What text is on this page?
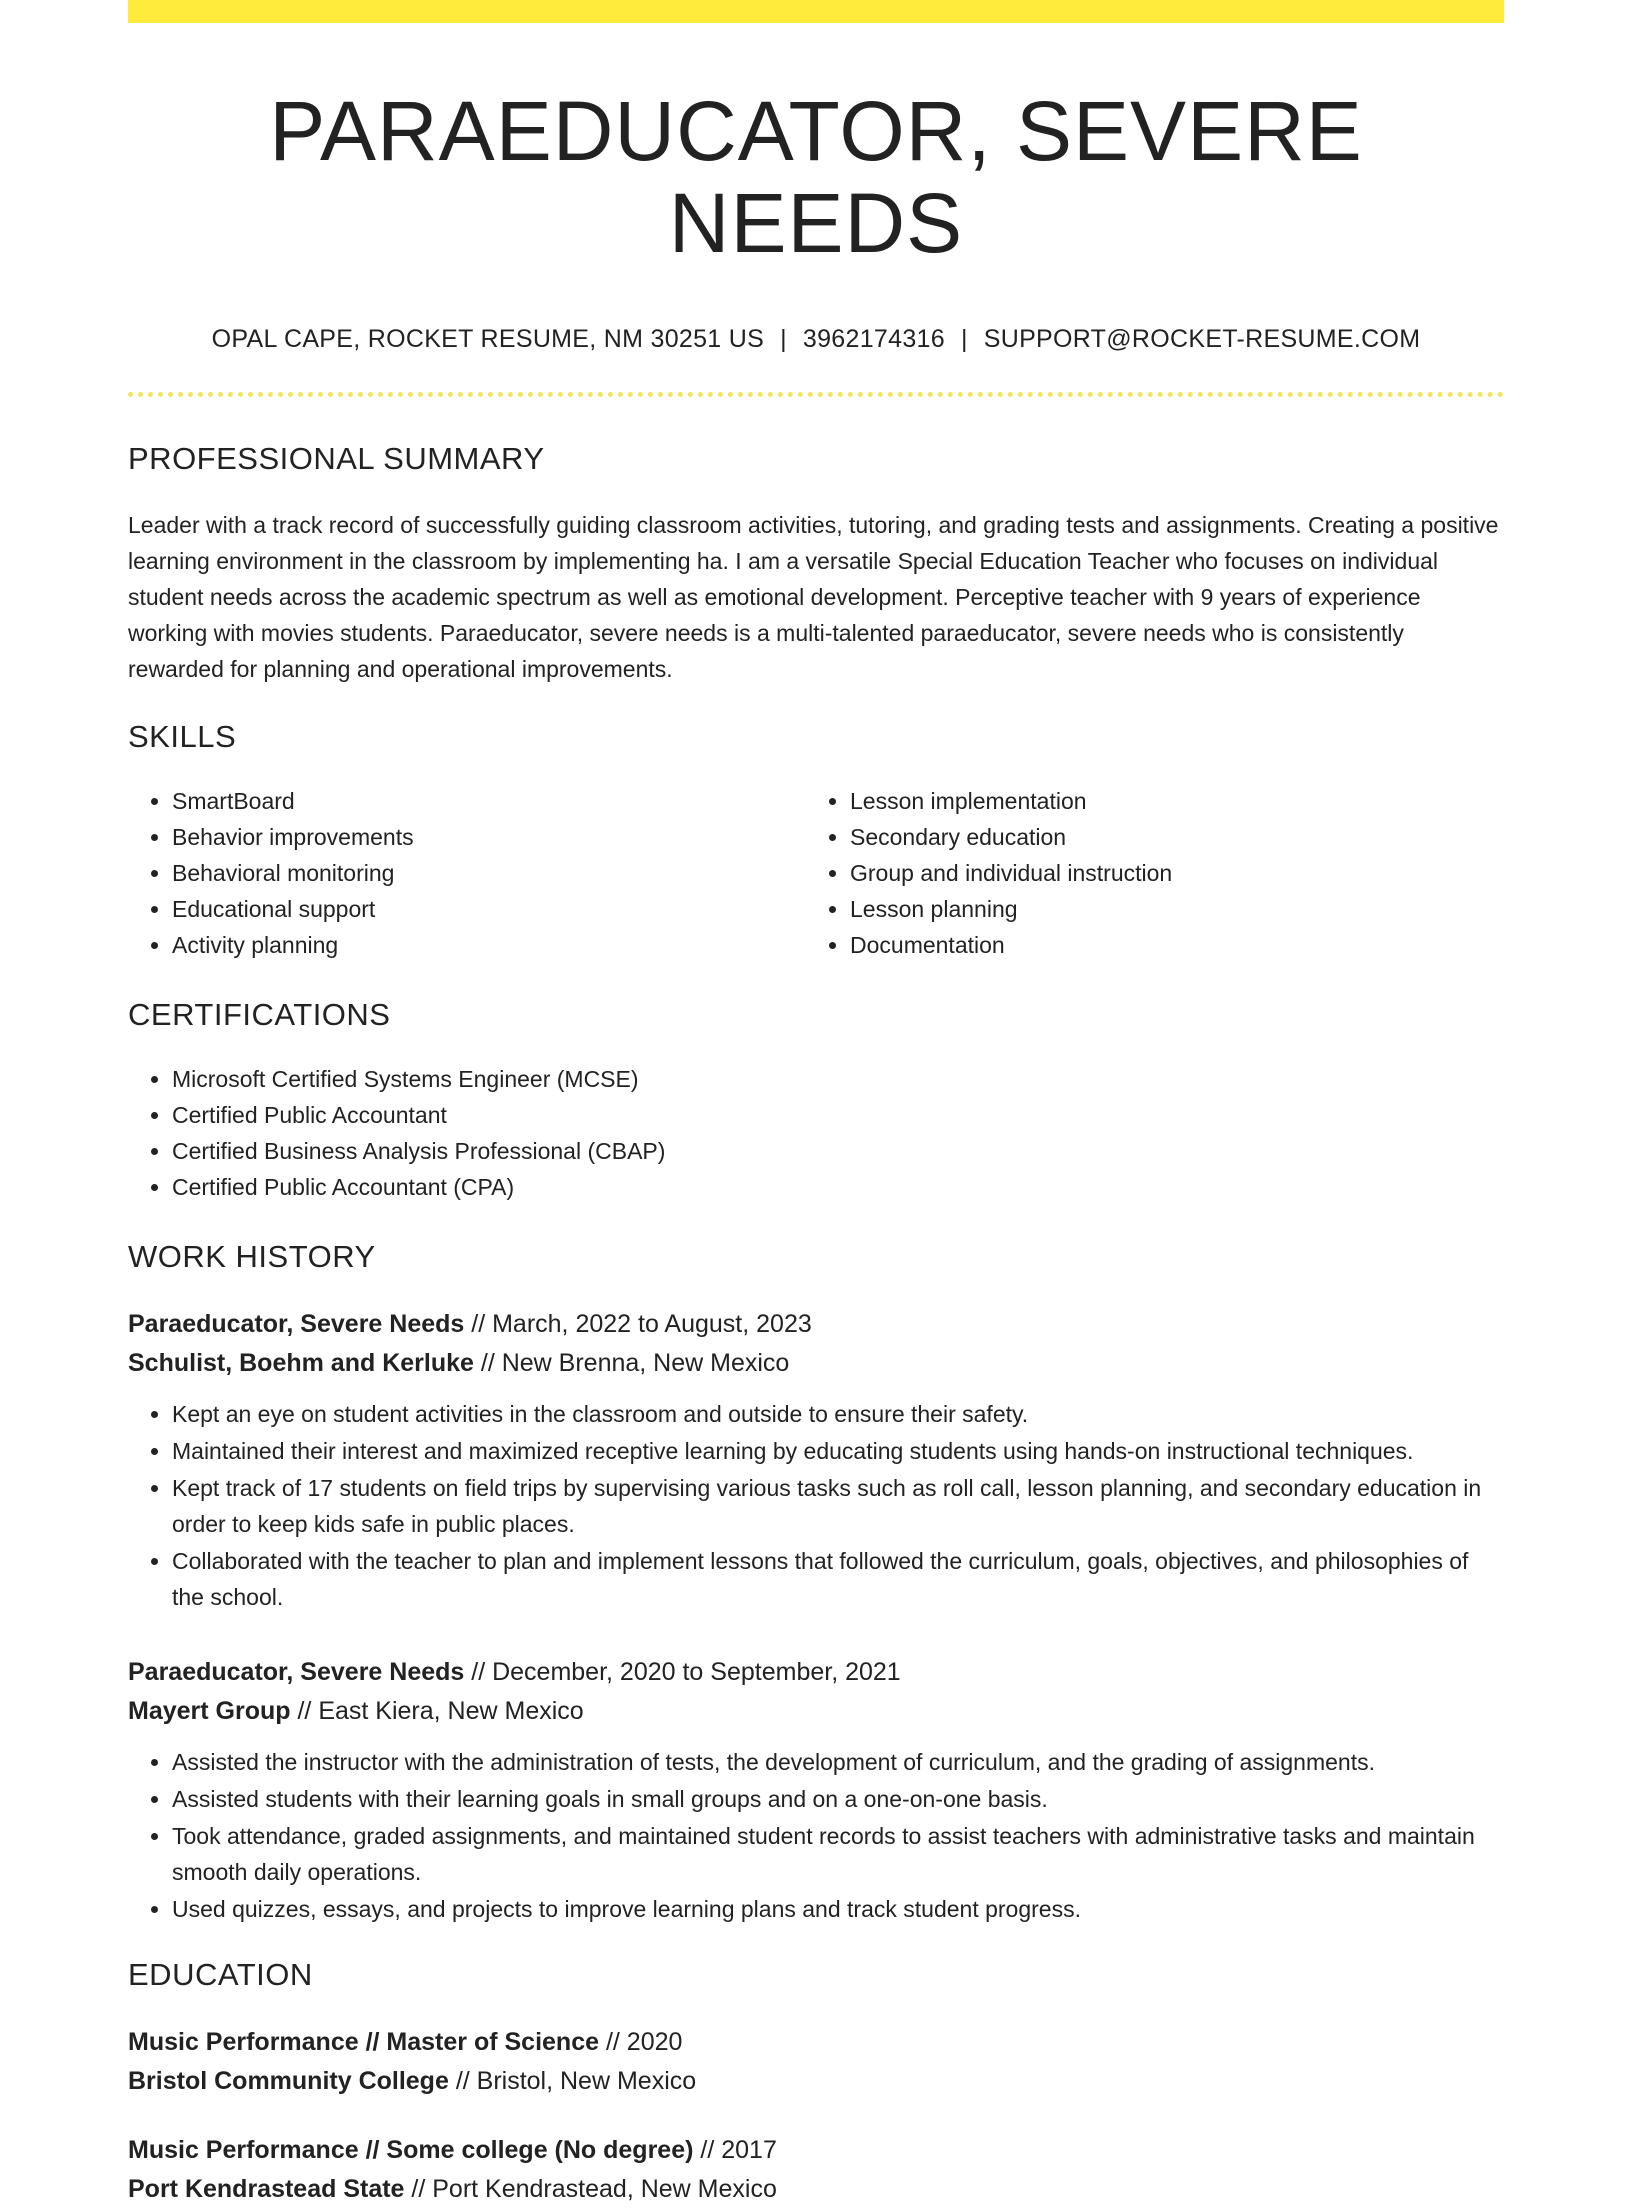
PARAEDUCATOR, SEVERE NEEDS
OPAL CAPE, ROCKET RESUME, NM 30251 US | 3962174316 | SUPPORT@ROCKET-RESUME.COM
PROFESSIONAL SUMMARY

Leader with a track record of successfully guiding classroom activities, tutoring, and grading tests and assignments. Creating a positive learning environment in the classroom by implementing ha. I am a versatile Special Education Teacher who focuses on individual student needs across the academic spectrum as well as emotional development. Perceptive teacher with 9 years of experience working with movies students. Paraeducator, severe needs is a multi-talented paraeducator, severe needs who is consistently rewarded for planning and operational improvements.

SKILLS
• SmartBoard
• Behavior improvements
• Behavioral monitoring
• Educational support
• Activity planning
• Lesson implementation
• Secondary education
• Group and individual instruction
• Lesson planning
• Documentation
CERTIFICATIONS
• Microsoft Certified Systems Engineer (MCSE)
• Certified Public Accountant
• Certified Business Analysis Professional (CBAP)
• Certified Public Accountant (CPA)
WORK HISTORY
Paraeducator, Severe Needs // March, 2022 to August, 2023
Schulist, Boehm and Kerluke // New Brenna, New Mexico
• Kept an eye on student activities in the classroom and outside to ensure their safety.
• Maintained their interest and maximized receptive learning by educating students using hands-on instructional techniques.
• Kept track of 17 students on field trips by supervising various tasks such as roll call, lesson planning, and secondary education in order to keep kids safe in public places.
• Collaborated with the teacher to plan and implement lessons that followed the curriculum, goals, objectives, and philosophies of the school.
Paraeducator, Severe Needs // December, 2020 to September, 2021
Mayert Group // East Kiera, New Mexico
• Assisted the instructor with the administration of tests, the development of curriculum, and the grading of assignments.
• Assisted students with their learning goals in small groups and on a one-on-one basis.
• Took attendance, graded assignments, and maintained student records to assist teachers with administrative tasks and maintain smooth daily operations.
• Used quizzes, essays, and projects to improve learning plans and track student progress.
EDUCATION
Music Performance // Master of Science // 2020
Bristol Community College // Bristol, New Mexico
Music Performance // Some college (No degree) // 2017
Port Kendrastead State // Port Kendrastead, New Mexico
